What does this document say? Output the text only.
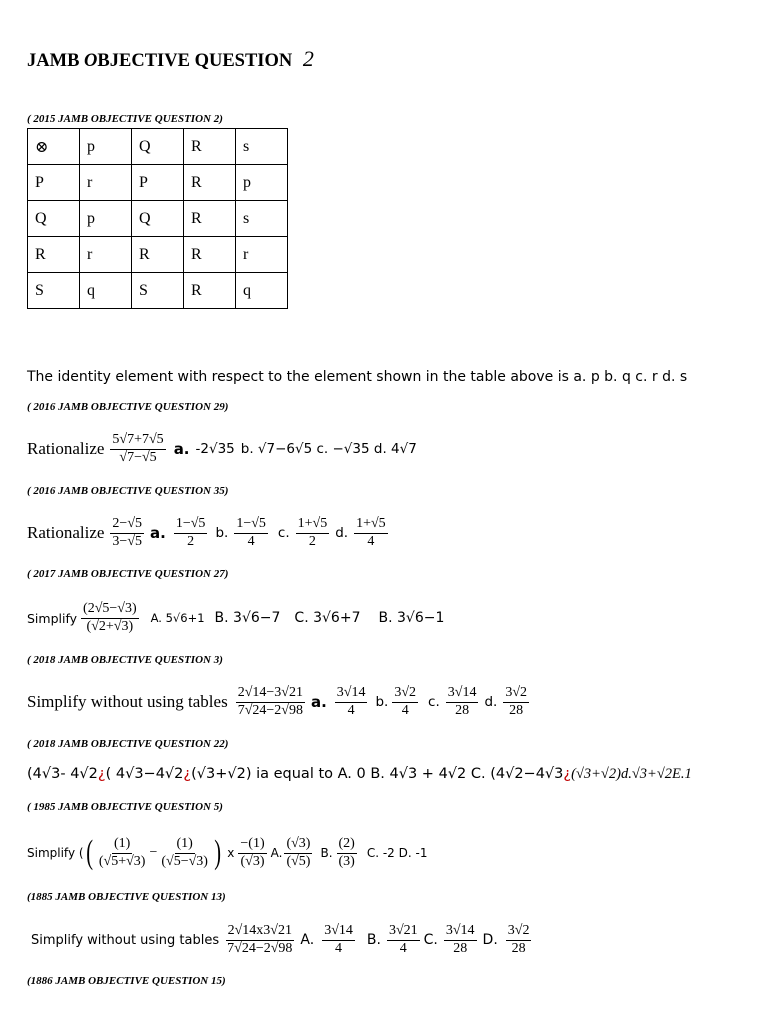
JAMB OBJECTIVE QUESTION 2
( 2015 JAMB OBJECTIVE QUESTION 2)
⊗	p	Q	R	s
P	r	P	R	p
Q	p	Q	R	s
R	r	R	R	r
S	q	S	R	q
The identity element with respect to the element shown in the table above is a. p b. q c. r d. s
( 2016 JAMB OBJECTIVE QUESTION 29)
Rationalize $\frac{5√7+7√5}{√7-√5} a$. -2√35 b. √7−6√5 c. −√35 d. 4√7
( 2016 JAMB OBJECTIVE QUESTION 35)
Rationalize $\frac{2-√5}{3-√5} a$. $\frac{1-√5}{2} b$. $\frac{1-√5}{4} c$. $\frac{1+√5}{2} d$. $\frac{1+√5}{4}$
( 2017 JAMB OBJECTIVE QUESTION 27)
Simplify $\frac{(2√5-√3)}{(√2+√3)} A$. 5√6+1 B. 3√6−7 C. 3√6+7 B. 3√6−1
( 2018 JAMB OBJECTIVE QUESTION 3)
Simplify without using tables $\frac{2√14-3√21}{7√24-2√98} a$. $\frac{3√14}{4} b$. $\frac{3√2}{4} c$. $\frac{3√14}{28} d$. $\frac{3√2}{28}$
( 2018 JAMB OBJECTIVE QUESTION 22)
(4√3- 4√2¿( 4√3−4√2¿(√3+√2) ia equal to A. 0 B. 4√3 + 4√2 C. (4√2−4√3¿(√3+√2)d.√3+√2E.1
( 1985 JAMB OBJECTIVE QUESTION 5)
Simplify ( ( $\frac{(1)}{(√5+√3)} - \frac{(1)}{(√5-√3)}$ ) x $\frac{-(1)}{(√3)} A$. $\frac{(√3)}{(√5)} B$. $\frac{(2)}{(3)} C$. -2 D. -1
(1885 JAMB OBJECTIVE QUESTION 13)
Simplify without using tables $\frac{2√14x3√21}{7√24-2√98} A$. $\frac{3√14}{4} B$. $\frac{3√21}{4} C$. $\frac{3√14}{28} D$. $\frac{3√2}{28}$
(1886 JAMB OBJECTIVE QUESTION 15)
